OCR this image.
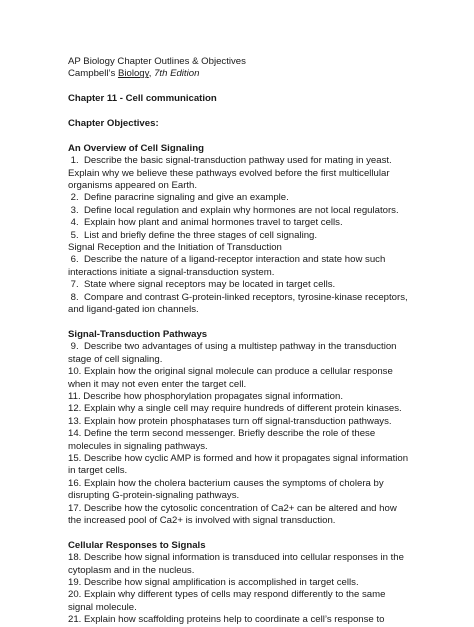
AP Biology Chapter Outlines & Objectives

Campbell’s Biology, 7th Edition

Chapter 11 - Cell communication

Chapter Objectives:

An Overview of Cell Signaling

1.  Describe the basic signal-transduction pathway used for mating in yeast.

Explain why we believe these pathways evolved before the first multicellular

organisms appeared on Earth.

2.  Define paracrine signaling and give an example.

3.  Define local regulation and explain why hormones are not local regulators.

4.  Explain how plant and animal hormones travel to target cells.

5.  List and briefly define the three stages of cell signaling.

Signal Reception and the Initiation of Transduction

6.  Describe the nature of a ligand-receptor interaction and state how such

interactions initiate a signal-transduction system.

7.  State where signal receptors may be located in target cells.

8.  Compare and contrast G-protein-linked receptors, tyrosine-kinase receptors,

and ligand-gated ion channels.

Signal-Transduction Pathways

9.  Describe two advantages of using a multistep pathway in the transduction

stage of cell signaling.

10. Explain how the original signal molecule can produce a cellular response

when it may not even enter the target cell.

11. Describe how phosphorylation propagates signal information.

12. Explain why a single cell may require hundreds of different protein kinases.

13. Explain how protein phosphatases turn off signal-transduction pathways.

14. Define the term second messenger. Briefly describe the role of these

molecules in signaling pathways.

15. Describe how cyclic AMP is formed and how it propagates signal information

in target cells.

16. Explain how the cholera bacterium causes the symptoms of cholera by

disrupting G-protein-signaling pathways.

17. Describe how the cytosolic concentration of Ca2+ can be altered and how

the increased pool of Ca2+ is involved with signal transduction.

Cellular Responses to Signals

18. Describe how signal information is transduced into cellular responses in the

cytoplasm and in the nucleus.

19. Describe how signal amplification is accomplished in target cells.

20. Explain why different types of cells may respond differently to the same

signal molecule.

21. Explain how scaffolding proteins help to coordinate a cell’s response to
